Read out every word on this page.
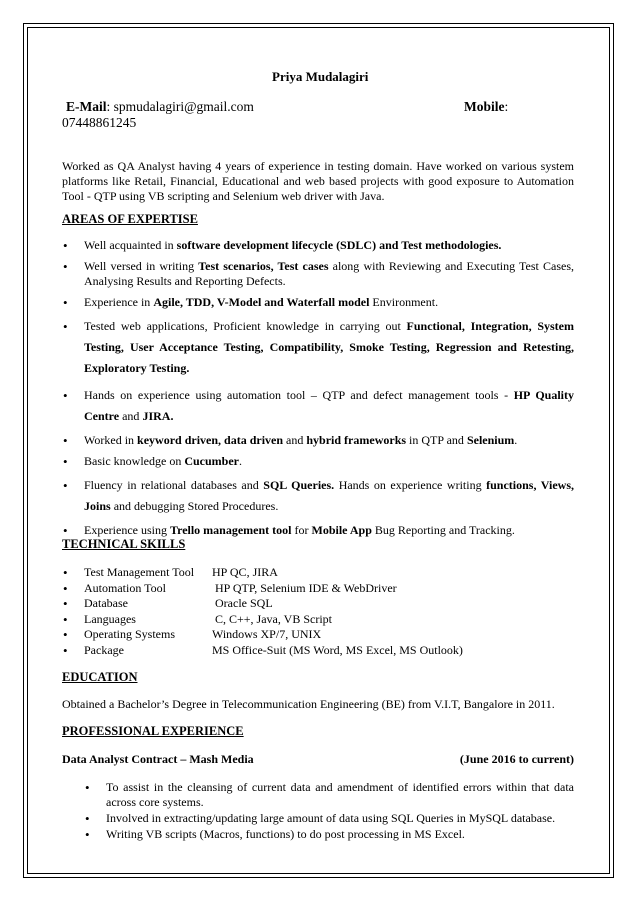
Priya Mudalagiri
E-Mail: spmudalagiri@gmail.com	Mobile:
07448861245
Worked as QA Analyst having 4 years of experience in testing domain. Have worked on various system platforms like Retail, Financial, Educational and web based projects with good exposure to Automation Tool - QTP using VB scripting and Selenium web driver with Java.
AREAS OF EXPERTISE
• Well acquainted in software development lifecycle (SDLC) and Test methodologies.
• Well versed in writing Test scenarios, Test cases along with Reviewing and Executing Test Cases, Analysing Results and Reporting Defects.
• Experience in Agile, TDD, V-Model and Waterfall model Environment.
• Tested web applications, Proficient knowledge in carrying out Functional, Integration, System Testing, User Acceptance Testing, Compatibility, Smoke Testing, Regression and Retesting, Exploratory Testing.
• Hands on experience using automation tool – QTP and defect management tools - HP Quality Centre and JIRA.
• Worked in keyword driven, data driven and hybrid frameworks in QTP and Selenium.
• Basic knowledge on Cucumber.
• Fluency in relational databases and SQL Queries. Hands on experience writing functions, Views, Joins and debugging Stored Procedures.
• Experience using Trello management tool for Mobile App Bug Reporting and Tracking.
TECHNICAL SKILLS
• Test Management Tool	HP QC, JIRA
• Automation Tool	HP QTP, Selenium IDE & WebDriver
• Database	Oracle SQL
• Languages	C, C++, Java, VB Script
• Operating Systems	Windows XP/7, UNIX
• Package	MS Office-Suit (MS Word, MS Excel, MS Outlook)
EDUCATION
Obtained a Bachelor’s Degree in Telecommunication Engineering (BE) from V.I.T, Bangalore in 2011.
PROFESSIONAL EXPERIENCE
Data Analyst Contract – Mash Media	(June 2016 to current)
• To assist in the cleansing of current data and amendment of identified errors within that data across core systems.
• Involved in extracting/updating large amount of data using SQL Queries in MySQL database.
• Writing VB scripts (Macros, functions) to do post processing in MS Excel.
